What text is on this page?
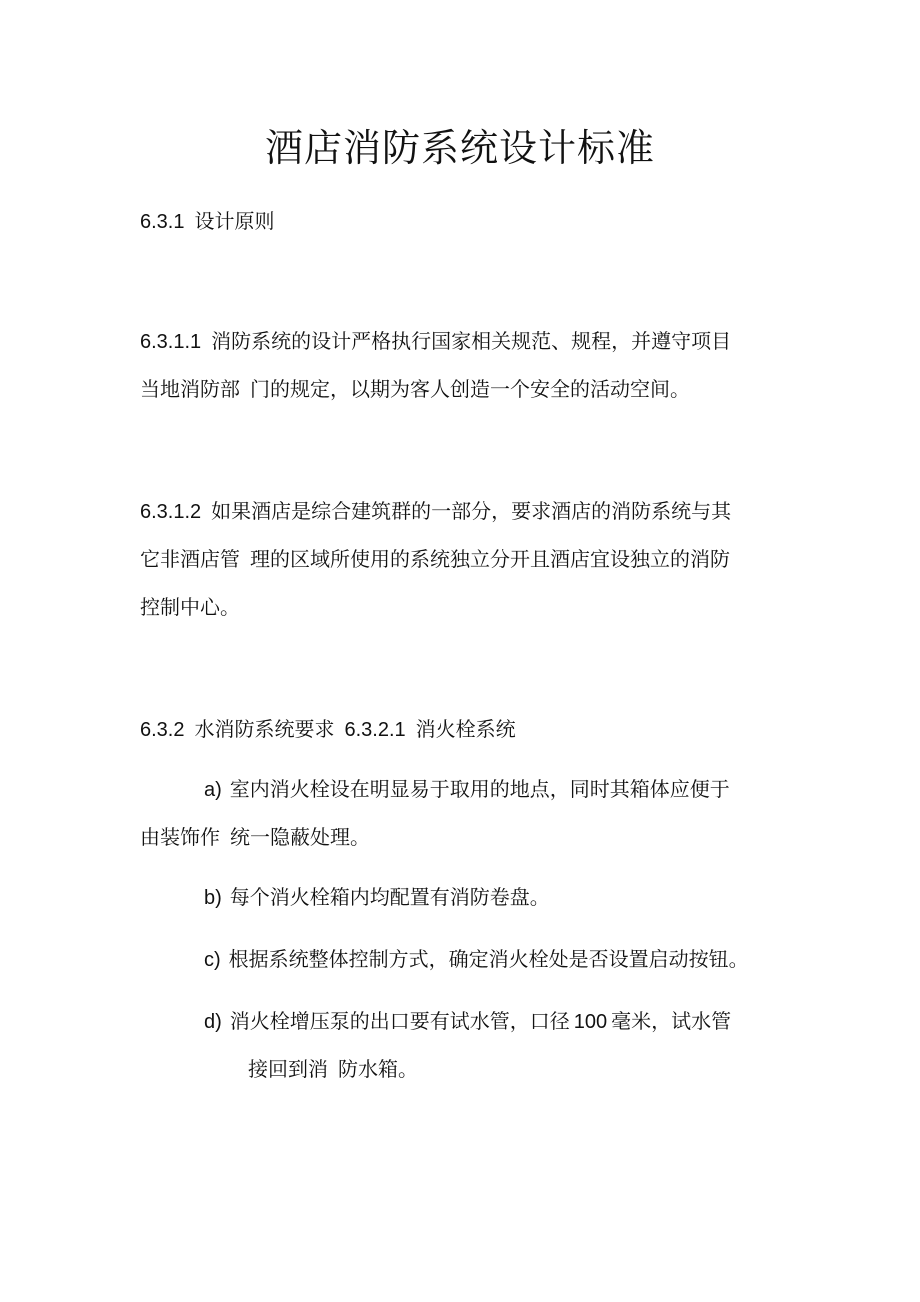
酒店消防系统设计标准
6.3.1 设计原则
6.3.1.1 消防系统的设计严格执行国家相关规范、规程，并遵守项目
当地消防部 门的规定，以期为客人创造一个安全的活动空间。
6.3.1.2 如果酒店是综合建筑群的一部分，要求酒店的消防系统与其
它非酒店管 理的区域所使用的系统独立分开且酒店宜设独立的消防
控制中心。
6.3.2 水消防系统要求 6.3.2.1 消火栓系统
a) 室内消火栓设在明显易于取用的地点，同时其箱体应便于
由装饰作 统一隐蔽处理。
b) 每个消火栓箱内均配置有消防卷盘。
c) 根据系统整体控制方式，确定消火栓处是否设置启动按钮。
d) 消火栓增压泵的出口要有试水管，口径 100 毫米，试水管
接回到消 防水箱。
